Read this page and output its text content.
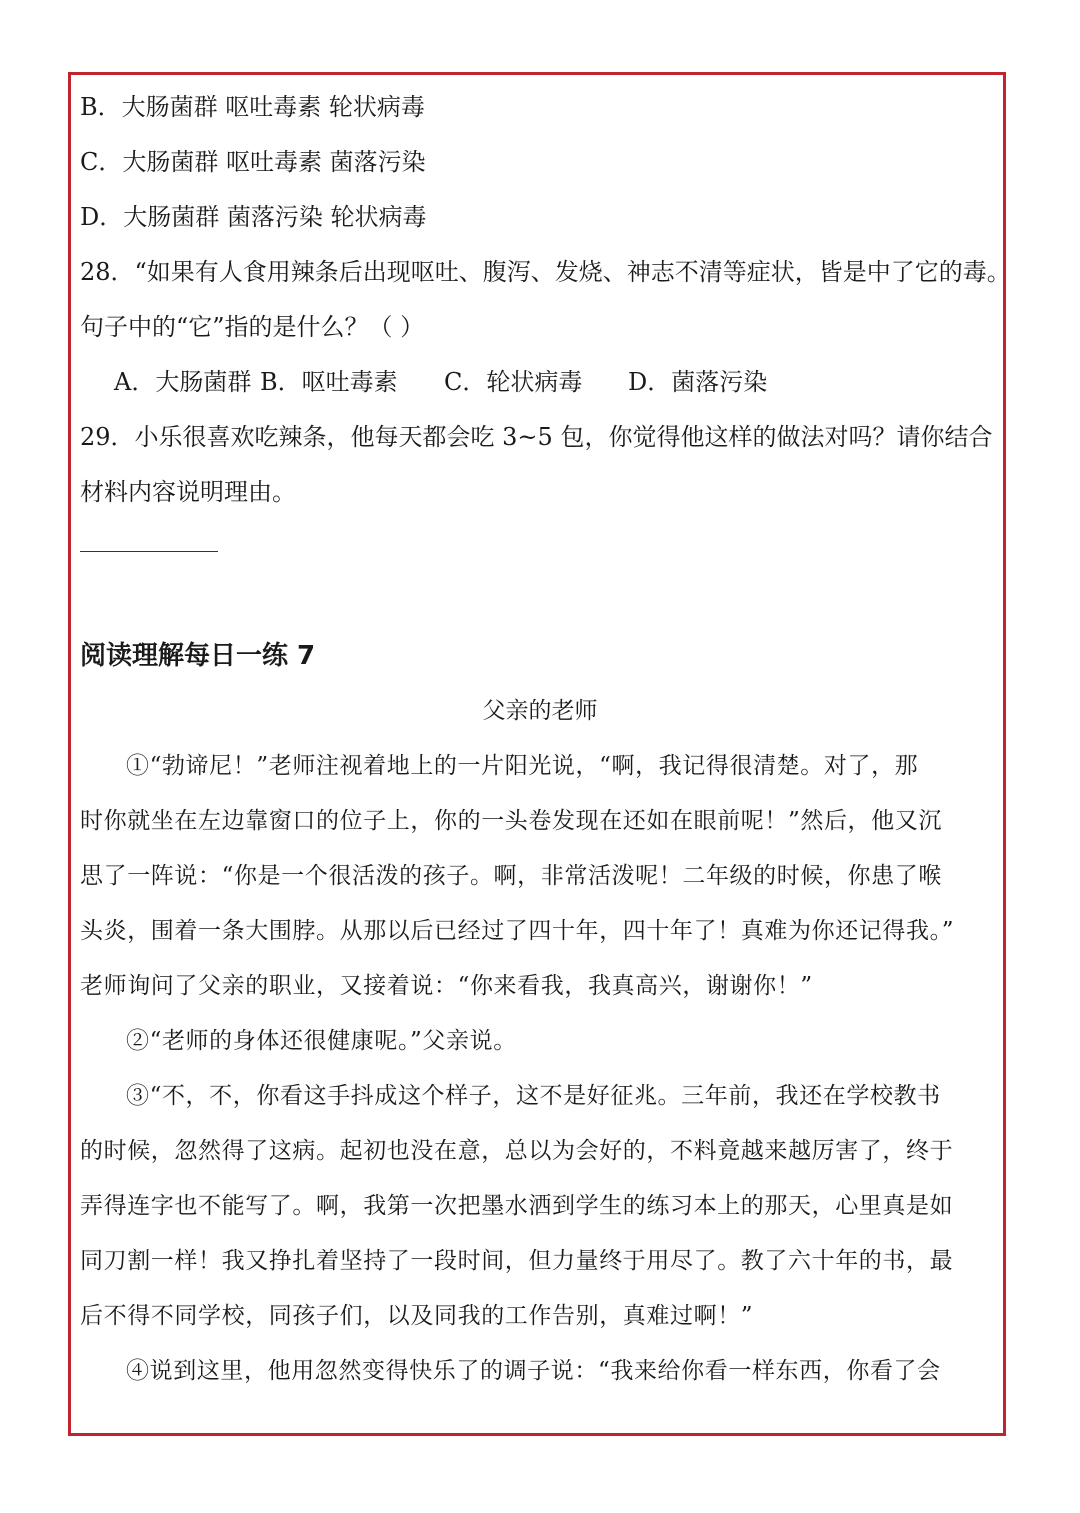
B．大肠菌群 呕吐毒素 轮状病毒
C．大肠菌群 呕吐毒素 菌落污染
D．大肠菌群 菌落污染 轮状病毒
28．“如果有人食用辣条后出现呕吐、腹泻、发烧、神志不清等症状，皆是中了它的毒。
句子中的“它”指的是什么？（ ）
A．大肠菌群 B．呕吐毒素 C．轮状病毒 D．菌落污染
29．小乐很喜欢吃辣条，他每天都会吃 3~5 包，你觉得他这样的做法对吗？请你结合
材料内容说明理由。
阅读理解每日一练 7
父亲的老师
①“勃谛尼！”老师注视着地上的一片阳光说，“啊，我记得很清楚。对了，那
时你就坐在左边靠窗口的位子上，你的一头卷发现在还如在眼前呢！”然后，他又沉
思了一阵说：“你是一个很活泼的孩子。啊，非常活泼呢！二年级的时候，你患了喉
头炎，围着一条大围脖。从那以后已经过了四十年，四十年了！真难为你还记得我。”
老师询问了父亲的职业，又接着说：“你来看我，我真高兴，谢谢你！”
②“老师的身体还很健康呢。”父亲说。
③“不，不，你看这手抖成这个样子，这不是好征兆。三年前，我还在学校教书
的时候，忽然得了这病。起初也没在意，总以为会好的，不料竟越来越厉害了，终于
弄得连字也不能写了。啊，我第一次把墨水洒到学生的练习本上的那天，心里真是如
同刀割一样！我又挣扎着坚持了一段时间，但力量终于用尽了。教了六十年的书，最
后不得不同学校，同孩子们，以及同我的工作告别，真难过啊！”
④说到这里，他用忽然变得快乐了的调子说：“我来给你看一样东西，你看了会
